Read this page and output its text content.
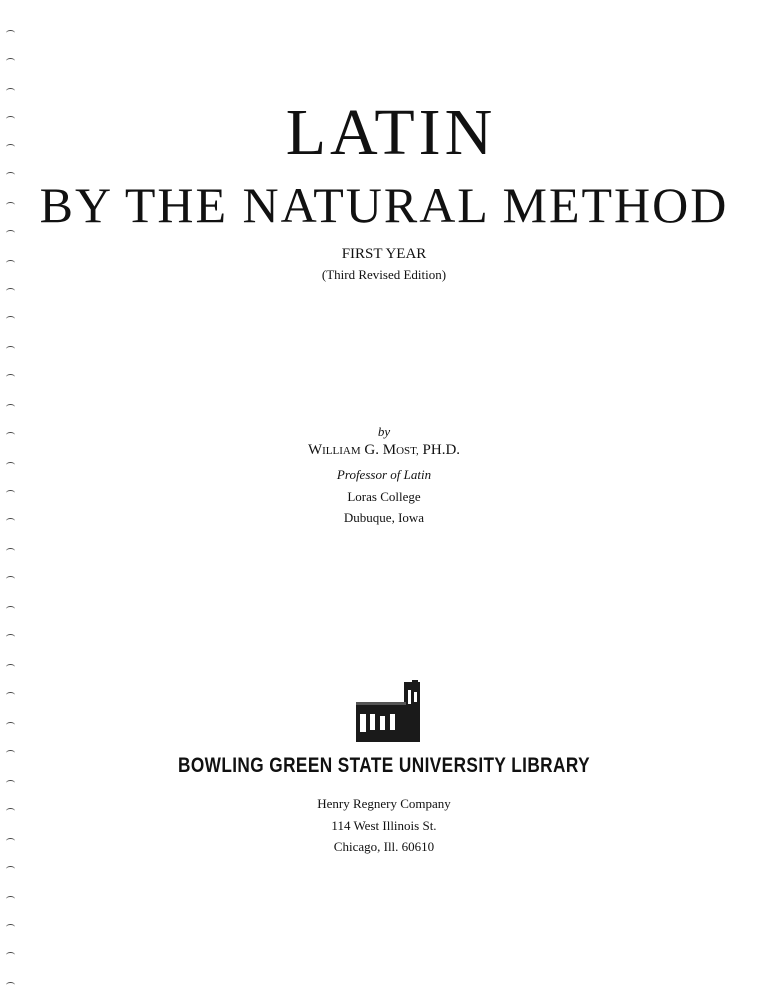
LATIN
BY THE NATURAL METHOD
FIRST YEAR
(Third Revised Edition)
by
WILLIAM G. MOST, PH.D.
Professor of Latin
Loras College
Dubuque, Iowa
BOWLING GREEN STATE UNIVERSITY LIBRARY
Henry Regnery Company
114 West Illinois St.
Chicago, Ill. 60610
